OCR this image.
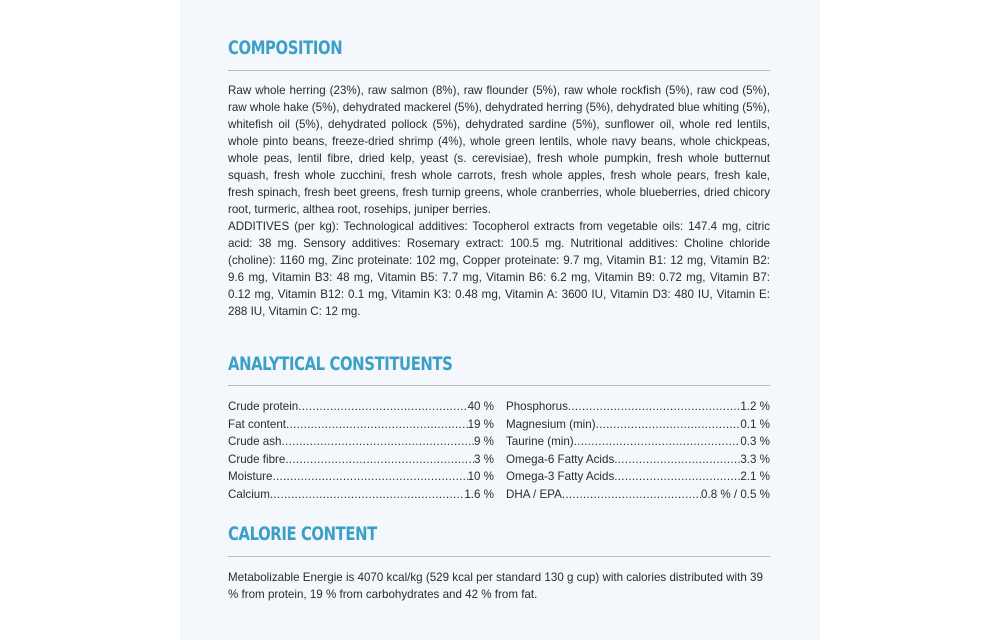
COMPOSITION

Raw whole herring (23%), raw salmon (8%), raw flounder (5%), raw whole rockfish (5%), raw cod (5%), raw whole hake (5%), dehydrated mackerel (5%), dehydrated herring (5%), dehydrated blue whiting (5%), whitefish oil (5%), dehydrated pollock (5%), dehydrated sardine (5%), sunflower oil, whole red lentils, whole pinto beans, freeze-dried shrimp (4%), whole green lentils, whole navy beans, whole chickpeas, whole peas, lentil fibre, dried kelp, yeast (s. cerevisiae), fresh whole pumpkin, fresh whole butternut squash, fresh whole zucchini, fresh whole carrots, fresh whole apples, fresh whole pears, fresh kale, fresh spinach, fresh beet greens, fresh turnip greens, whole cranberries, whole blueberries, dried chicory root, turmeric, althea root, rosehips, juniper berries.

ADDITIVES (per kg): Technological additives: Tocopherol extracts from vegetable oils: 147.4 mg, citric acid: 38 mg. Sensory additives: Rosemary extract: 100.5 mg. Nutritional additives: Choline chloride (choline): 1160 mg, Zinc proteinate: 102 mg, Copper proteinate: 9.7 mg, Vitamin B1: 12 mg, Vitamin B2: 9.6 mg, Vitamin B3: 48 mg, Vitamin B5: 7.7 mg, Vitamin B6: 6.2 mg, Vitamin B9: 0.72 mg, Vitamin B7: 0.12 mg, Vitamin B12: 0.1 mg, Vitamin K3: 0.48 mg, Vitamin A: 3600 IU, Vitamin D3: 480 IU, Vitamin E: 288 IU, Vitamin C: 12 mg.

ANALYTICAL CONSTITUENTS
Crude protein .....	40 %
Fat content .....	19 %
Crude ash .....	9 %
Crude fibre .....	3 %
Moisture .....	10 %
Calcium .....	1.6 %
Phosphorus .....	1.2 %
Magnesium (min) .....	0.1 %
Taurine (min) .....	0.3 %
Omega-6 Fatty Acids .....	3.3 %
Omega-3 Fatty Acids .....	2.1 %
DHA / EPA .....	0.8 % / 0.5 %
CALORIE CONTENT

Metabolizable Energie is 4070 kcal/kg (529 kcal per standard 130 g cup) with calories distributed with 39 % from protein, 19 % from carbohydrates and 42 % from fat.
